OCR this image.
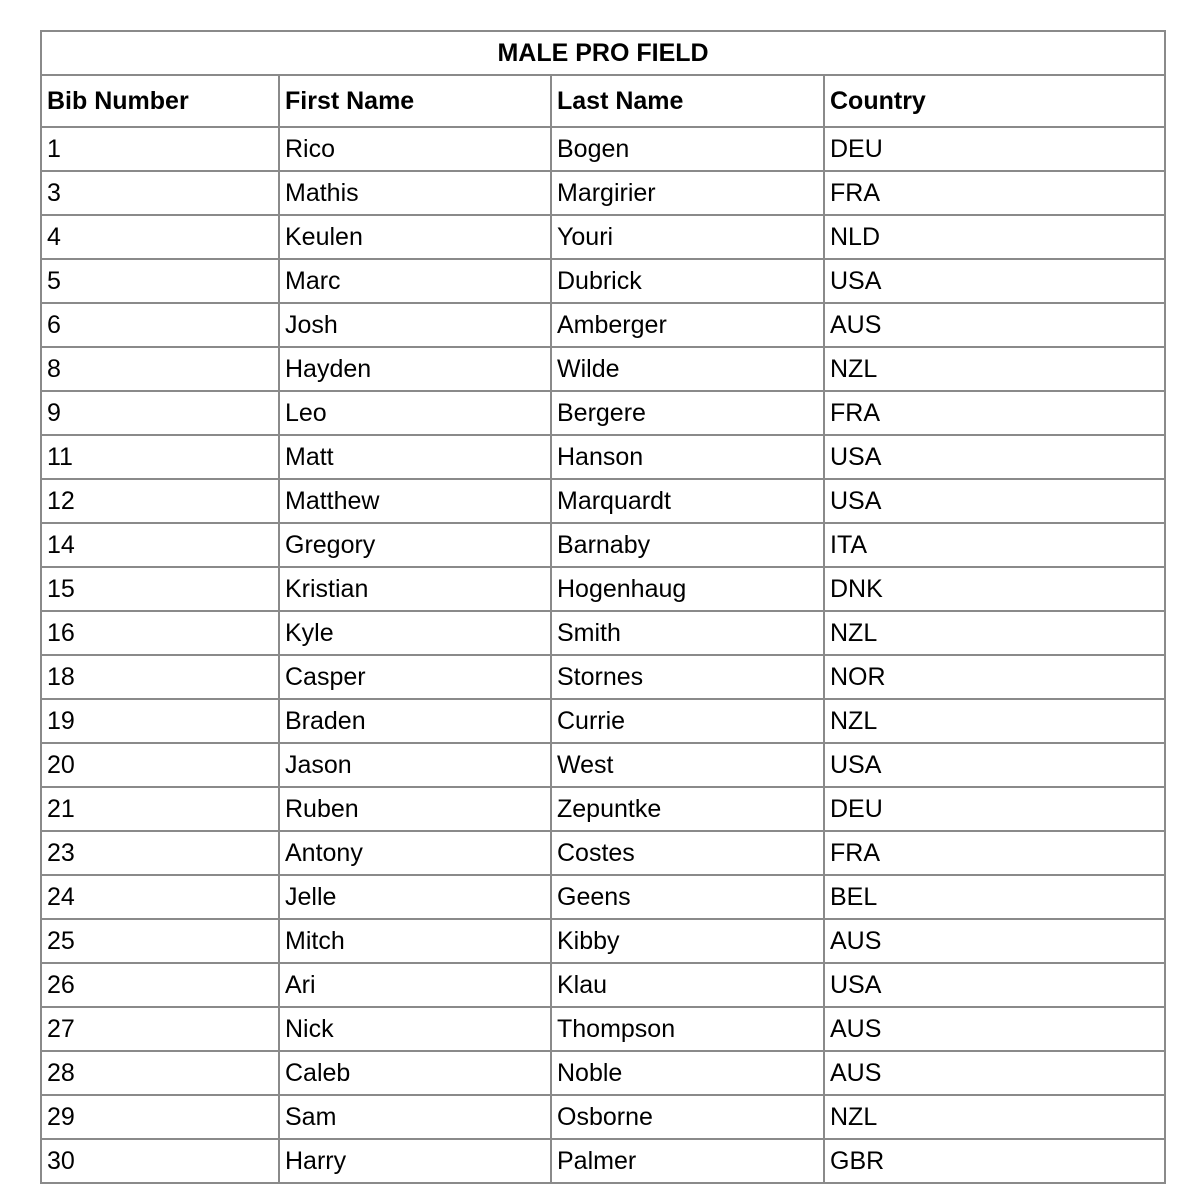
MALE PRO FIELD			
Bib Number	First Name	Last Name	Country
1	Rico	Bogen	DEU
3	Mathis	Margirier	FRA
4	Keulen	Youri	NLD
5	Marc	Dubrick	USA
6	Josh	Amberger	AUS
8	Hayden	Wilde	NZL
9	Leo	Bergere	FRA
11	Matt	Hanson	USA
12	Matthew	Marquardt	USA
14	Gregory	Barnaby	ITA
15	Kristian	Hogenhaug	DNK
16	Kyle	Smith	NZL
18	Casper	Stornes	NOR
19	Braden	Currie	NZL
20	Jason	West	USA
21	Ruben	Zepuntke	DEU
23	Antony	Costes	FRA
24	Jelle	Geens	BEL
25	Mitch	Kibby	AUS
26	Ari	Klau	USA
27	Nick	Thompson	AUS
28	Caleb	Noble	AUS
29	Sam	Osborne	NZL
30	Harry	Palmer	GBR
